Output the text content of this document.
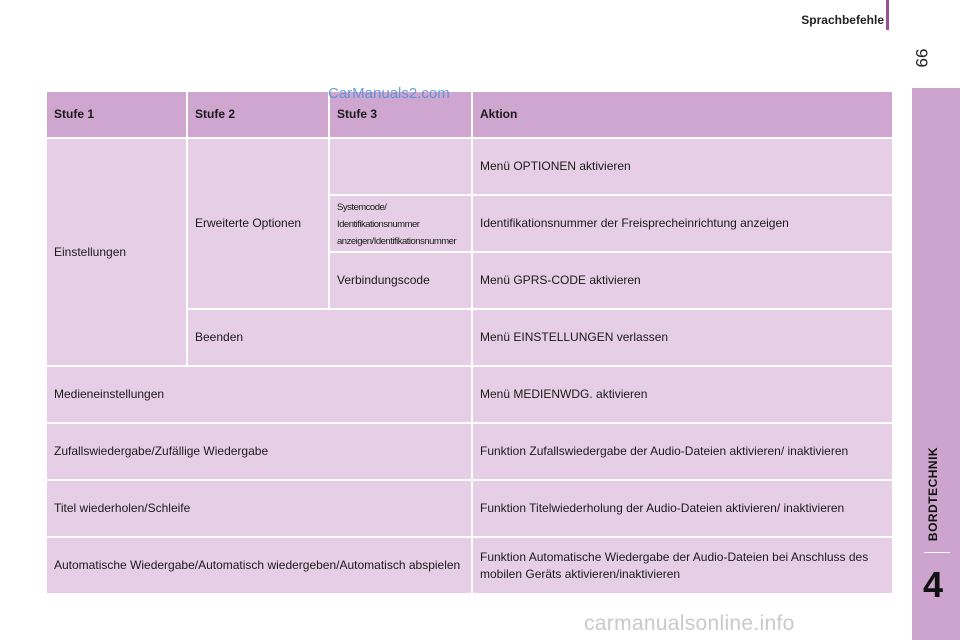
Sprachbefehle
99
BORDTECHNIK
4
Stufe 1	Stufe 2	Stufe 3	Aktion
Einstellungen	Erweiterte Optionen		Menü OPTIONEN aktivieren
		Systemcode/ Identifikationsnummer anzeigen/Identifikationsnummer	Identifikationsnummer der Freisprecheinrichtung anzeigen
		Verbindungscode	Menü GPRS-CODE aktivieren
	Beenden		Menü EINSTELLUNGEN verlassen
Medieneinstellungen			Menü MEDIENWDG. aktivieren
Zufallswiedergabe/Zufällige Wiedergabe			Funktion Zufallswiedergabe der Audio-Dateien aktivieren/ inaktivieren
Titel wiederholen/Schleife			Funktion Titelwiederholung der Audio-Dateien aktivieren/ inaktivieren
Automatische Wiedergabe/Automatisch wiedergeben/Automatisch abspielen			Funktion Automatische Wiedergabe der Audio-Dateien bei Anschluss des mobilen Geräts aktivieren/inaktivieren
CarManuals2.com
carmanualsonline.info
